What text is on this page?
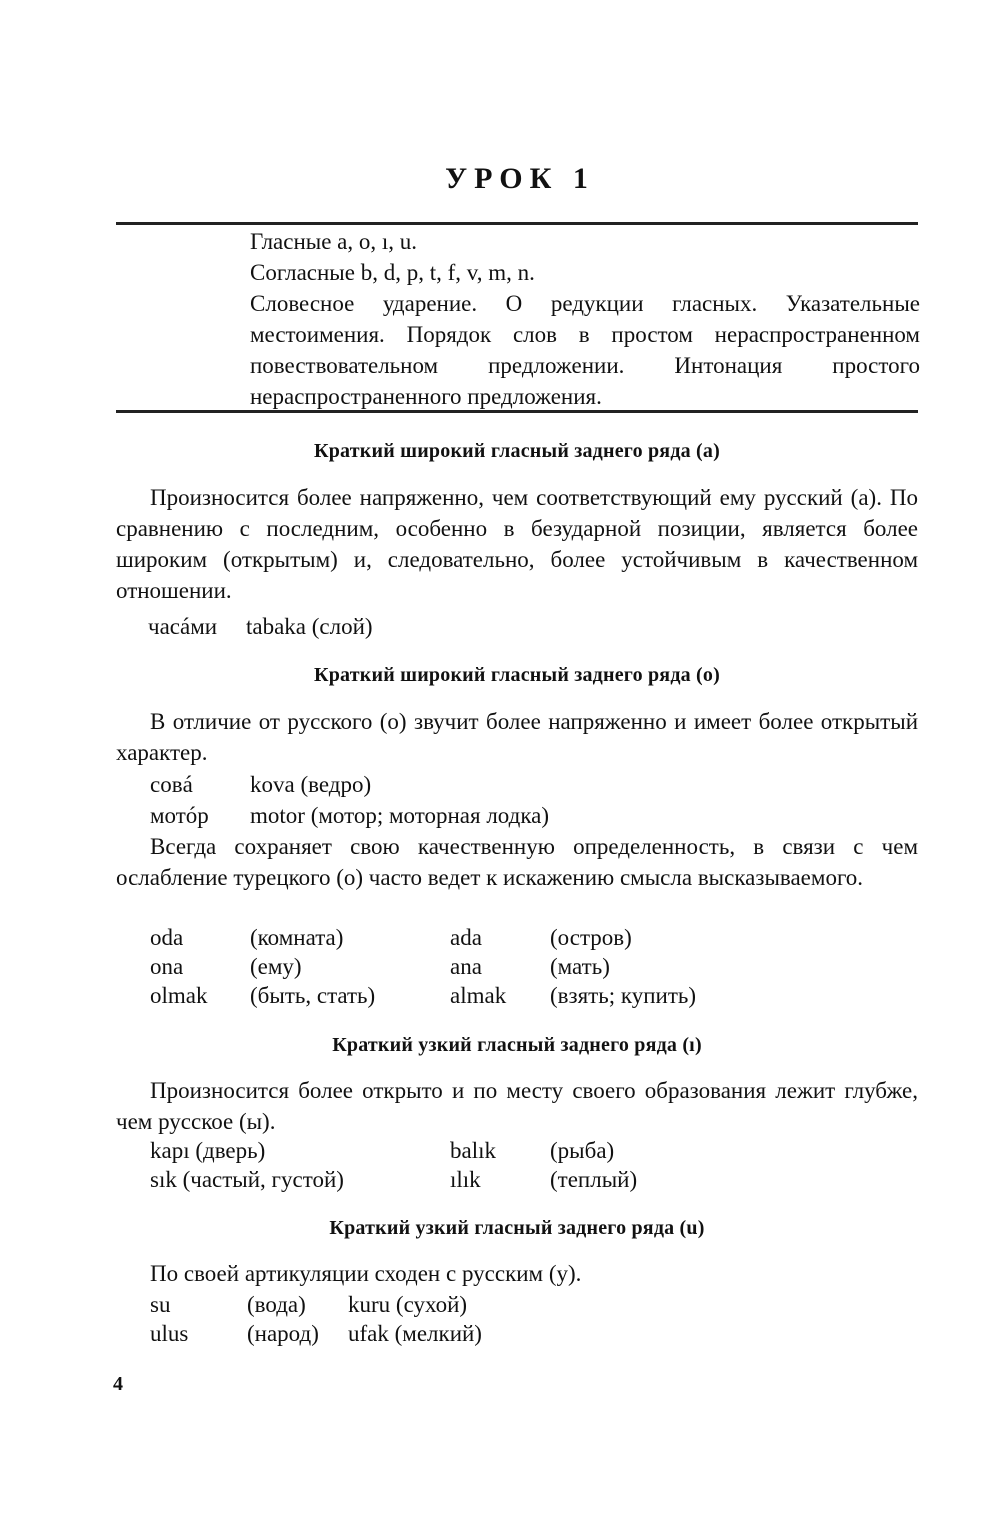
УРОК 1

Гласные a, o, ı, u.

Согласные b, d, p, t, f, v, m, n.

Словесное ударение. О редукции гласных. Указательные местоимения. Порядок слов в простом нераспространенном повествовательном предложении. Интонация простого нераспространенного предложения.

Краткий широкий гласный заднего ряда (а)

Произносится более напряженно, чем соответствующий ему русский (а). По сравнению с последним, особенно в безударной позиции, является более широким (открытым) и, следовательно, более устойчивым в качественном отношении.

часáми tabaka (слой)
Краткий широкий гласный заднего ряда (о)

В отличие от русского (о) звучит более напряженно и имеет более открытый характер.

совá kova (ведро)
мотóр motor (мотор; моторная лодка)

Всегда сохраняет свою качественную определенность, в связи с чем ослабление турецкого (о) часто ведет к искажению смысла высказываемого.

oda	(комната)	ada	(остров)
ona	(ему)	ana	(мать)
olmak (быть, стать)	almak (взять; купить)
Краткий узкий гласный заднего ряда (ı)

Произносится более открыто и по месту своего образования лежит глубже, чем русское (ы).

kapı (дверь)	balık (рыба)
sık (частый, густой)	ılık	(теплый)
Краткий узкий гласный заднего ряда (u)

По своей артикуляции сходен с русским (у).

su	(вода) kuru (сухой)
ulus	(народ) ufak (мелкий)
4
